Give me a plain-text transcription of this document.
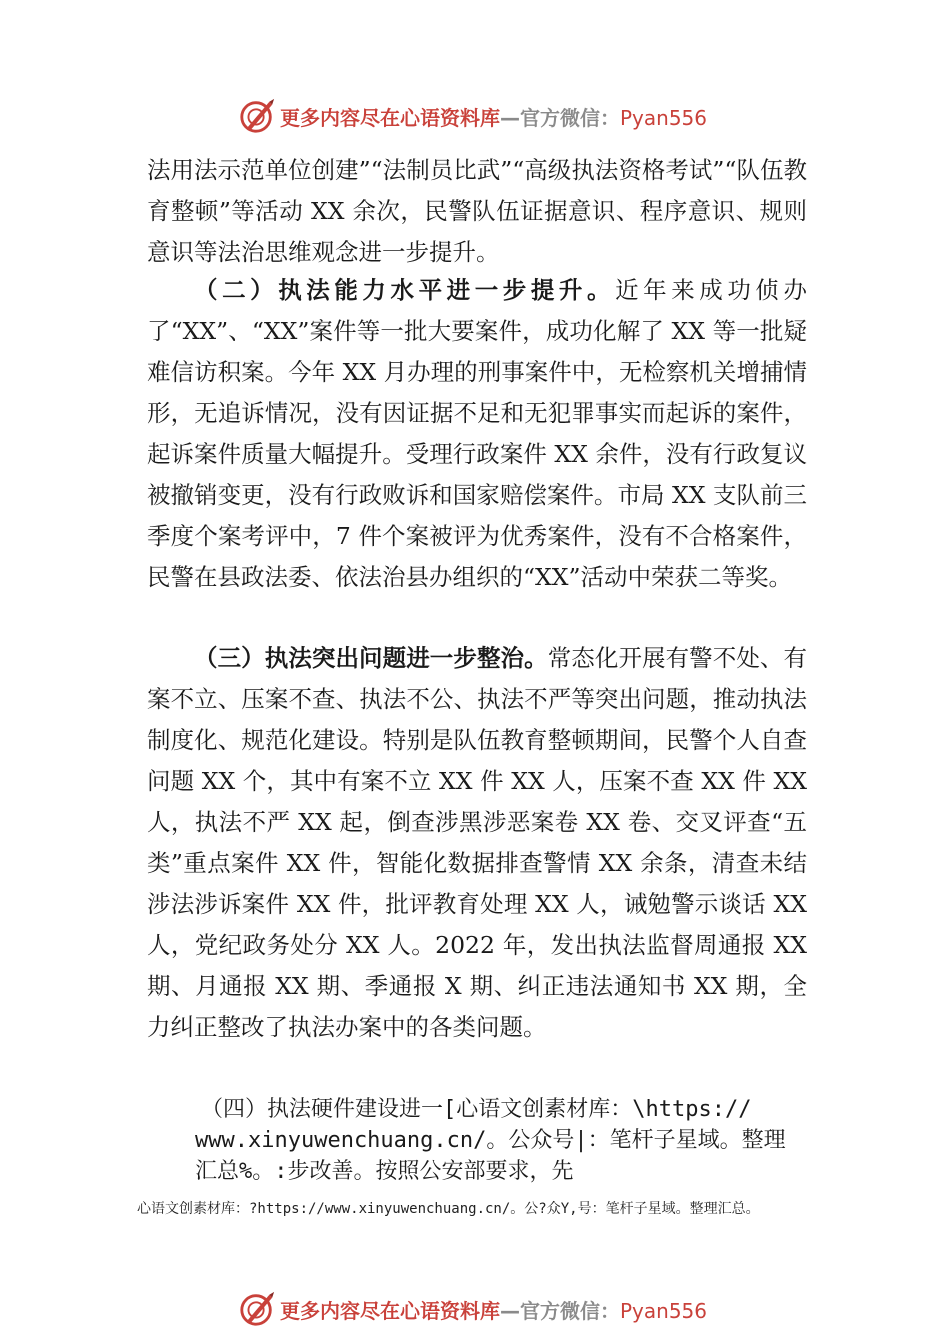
更多内容尽在心语资料库—官方微信：Pyan556

法用法示范单位创建”“法制员比武”“高级执法资格考试”“队伍教育整顿”等活动 XX 余次，民警队伍证据意识、程序意识、规则意识等法治思维观念进一步提升。

（二）执法能力水平进一步提升。近年来成功侦办了“XX”、“XX”案件等一批大要案件，成功化解了 XX 等一批疑难信访积案。今年 XX 月办理的刑事案件中，无检察机关增捕情形，无追诉情况，没有因证据不足和无犯罪事实而起诉的案件，起诉案件质量大幅提升。受理行政案件 XX 余件，没有行政复议被撤销变更，没有行政败诉和国家赔偿案件。市局 XX 支队前三季度个案考评中，7 件个案被评为优秀案件，没有不合格案件，民警在县政法委、依法治县办组织的“XX”活动中荣获二等奖。

（三）执法突出问题进一步整治。常态化开展有警不处、有案不立、压案不查、执法不公、执法不严等突出问题，推动执法制度化、规范化建设。特别是队伍教育整顿期间，民警个人自查问题 XX 个，其中有案不立 XX 件 XX 人，压案不查 XX 件 XX 人，执法不严 XX 起，倒查涉黑涉恶案卷 XX 卷、交叉评查“五类”重点案件 XX 件，智能化数据排查警情 XX 余条，清查未结涉法涉诉案件 XX 件，批评教育处理 XX 人，诫勉警示谈话 XX 人，党纪政务处分 XX 人。2022 年，发出执法监督周通报 XX 期、月通报 XX 期、季通报 X 期、纠正违法通知书 XX 期，全力纠正整改了执法办案中的各类问题。

（四）执法硬件建设进一[心语文创素材库：\https://
www.xinyuwenchuang.cn/。公众号|：笔杆子星域。整理
汇总%。:步改善。按照公安部要求，先

心语文创素材库：?https://www.xinyuwenchuang.cn/。公?众Y,号：笔杆子星域。整理汇总。

更多内容尽在心语资料库—官方微信：Pyan556
